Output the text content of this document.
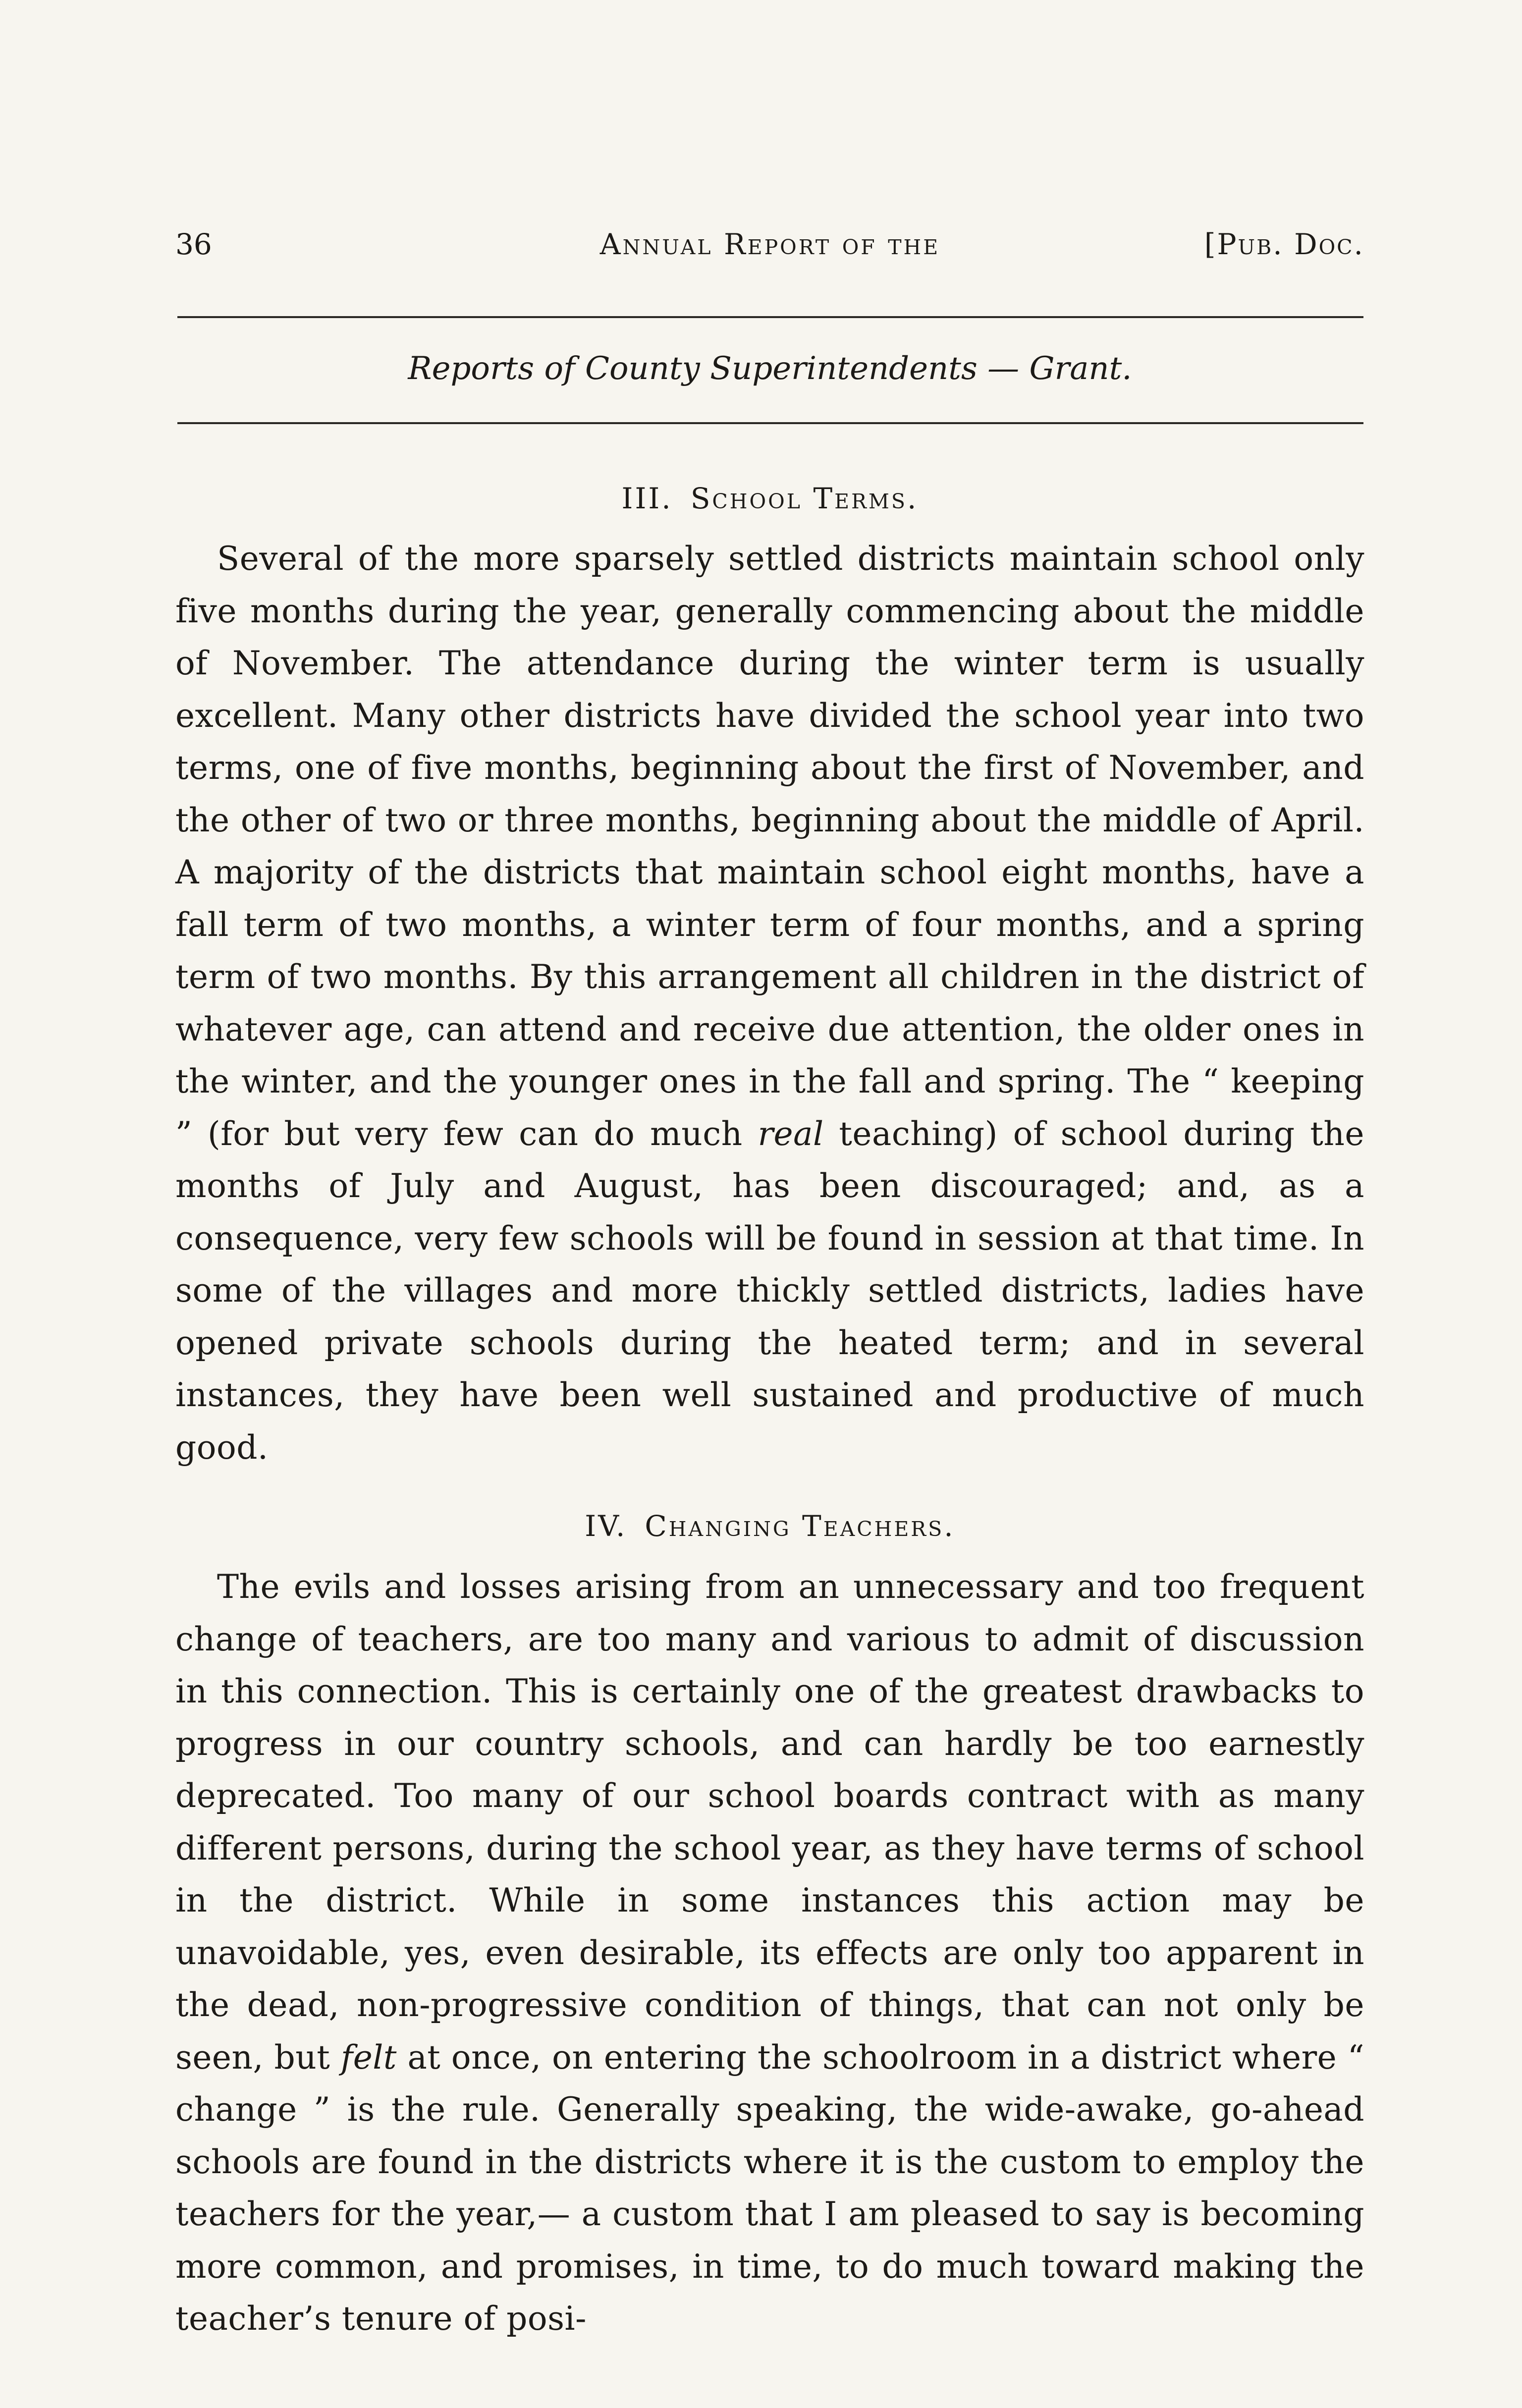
36	Annual Report of the	[Pub. Doc.
Reports of County Superintendents — Grant.
III. School Terms.

Several of the more sparsely settled districts maintain school only five months during the year, generally commencing about the middle of November. The attendance during the winter term is usually excellent. Many other districts have divided the school year into two terms, one of five months, beginning about the first of November, and the other of two or three months, beginning about the middle of April. A majority of the districts that maintain school eight months, have a fall term of two months, a winter term of four months, and a spring term of two months. By this arrangement all children in the district of whatever age, can attend and receive due attention, the older ones in the winter, and the younger ones in the fall and spring. The “ keeping ” (for but very few can do much real teaching) of school during the months of July and August, has been discouraged; and, as a consequence, very few schools will be found in session at that time. In some of the villages and more thickly settled districts, ladies have opened private schools during the heated term; and in several instances, they have been well sustained and productive of much good.

IV. Changing Teachers.

The evils and losses arising from an unnecessary and too frequent change of teachers, are too many and various to admit of discussion in this connection. This is certainly one of the greatest drawbacks to progress in our country schools, and can hardly be too earnestly deprecated. Too many of our school boards contract with as many different persons, during the school year, as they have terms of school in the district. While in some instances this action may be unavoidable, yes, even desirable, its effects are only too apparent in the dead, non-progressive condition of things, that can not only be seen, but felt at once, on entering the schoolroom in a district where “ change ” is the rule. Generally speaking, the wide-awake, go-ahead schools are found in the districts where it is the custom to employ the teachers for the year,— a custom that I am pleased to say is becoming more common, and promises, in time, to do much toward making the teacher’s tenure of posi-
